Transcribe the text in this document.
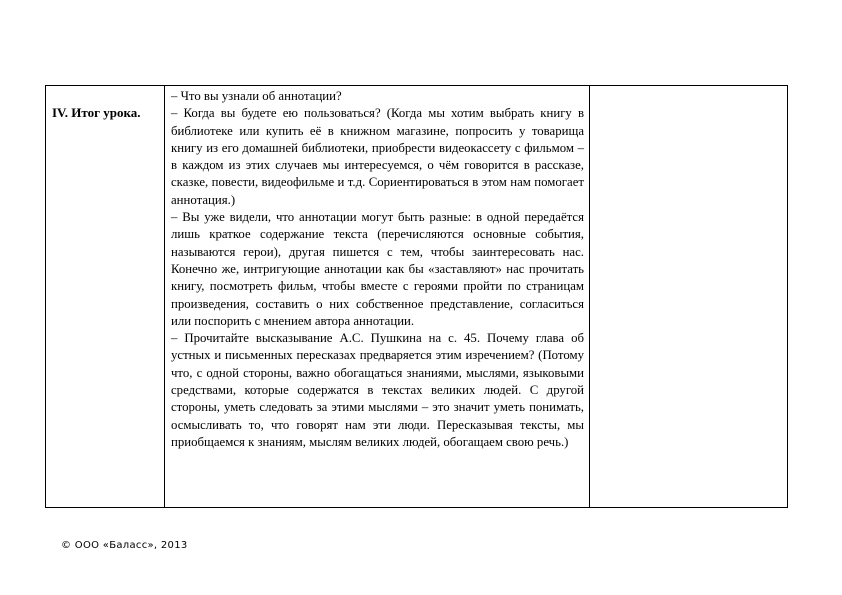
IV. Итог урока.

– Что вы узнали об аннотации?

– Когда вы будете ею пользоваться? (Когда мы хотим выбрать книгу в библиотеке или купить её в книжном магазине, попросить у товарища книгу из его домашней библиотеки, приобрести видеокассету с фильмом – в каждом из этих случаев мы интересуемся, о чём говорится в рассказе, сказке, повести, видеофильме и т.д. Сориентироваться в этом нам помогает аннотация.)

– Вы уже видели, что аннотации могут быть разные: в одной передаётся лишь краткое содержание текста (перечисляются основные события, называются герои), другая пишется с тем, чтобы заинтересовать нас. Конечно же, интригующие аннотации как бы «заставляют» нас прочитать книгу, посмотреть фильм, чтобы вместе с героями пройти по страницам произведения, составить о них собственное представление, согласиться или поспорить с мнением автора аннотации.

– Прочитайте высказывание А.С. Пушкина на с. 45. Почему глава об устных и письменных пересказах предваряется этим изречением? (Потому что, с одной стороны, важно обогащаться знаниями, мыслями, языковыми средствами, которые содержатся в текстах великих людей. С другой стороны, уметь следовать за этими мыслями – это значит уметь понимать, осмысливать то, что говорят нам эти люди. Пересказывая тексты, мы приобщаемся к знаниям, мыслям великих людей, обогащаем свою речь.)

© ООО «Баласс», 2013
